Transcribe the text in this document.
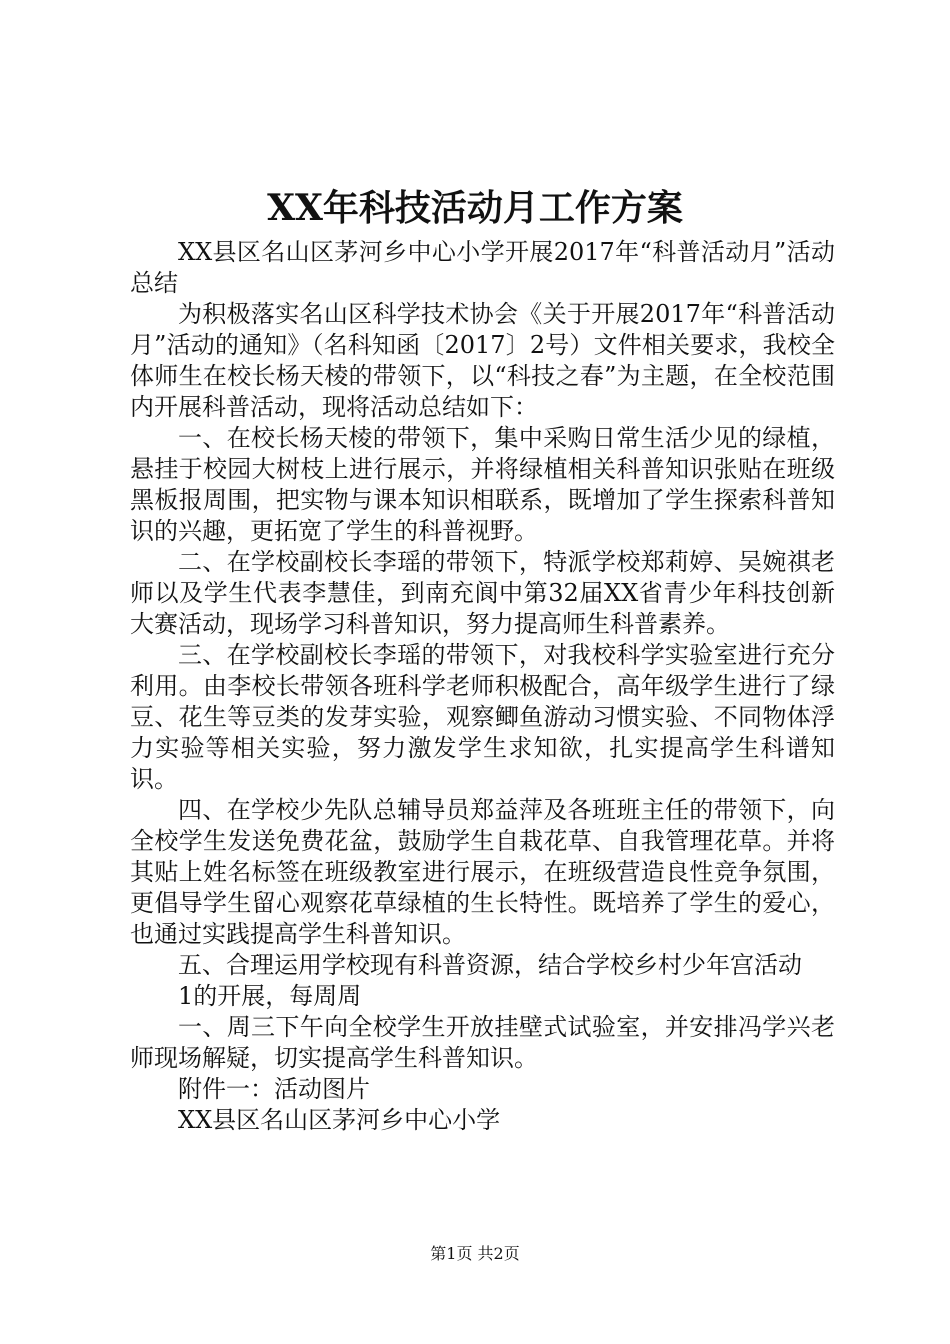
XX年科技活动月工作方案

XX县区名山区茅河乡中心小学开展2017年“科普活动月”活动总结

为积极落实名山区科学技术协会《关于开展2017年“科普活动月”活动的通知》（名科知函〔2017〕2号）文件相关要求，我校全体师生在校长杨天棱的带领下，以“科技之春”为主题，在全校范围内开展科普活动，现将活动总结如下：

一、在校长杨天棱的带领下，集中采购日常生活少见的绿植，悬挂于校园大树枝上进行展示，并将绿植相关科普知识张贴在班级黑板报周围，把实物与课本知识相联系，既增加了学生探索科普知识的兴趣，更拓宽了学生的科普视野。

二、在学校副校长李瑶的带领下，特派学校郑莉婷、吴婉祺老师以及学生代表李慧佳，到南充阆中第32届XX省青少年科技创新大赛活动，现场学习科普知识，努力提高师生科普素养。

三、在学校副校长李瑶的带领下，对我校科学实验室进行充分利用。由李校长带领各班科学老师积极配合，高年级学生进行了绿豆、花生等豆类的发芽实验，观察鲫鱼游动习惯实验、不同物体浮力实验等相关实验，努力激发学生求知欲，扎实提高学生科谱知识。

四、在学校少先队总辅导员郑益萍及各班班主任的带领下，向全校学生发送免费花盆，鼓励学生自栽花草、自我管理花草。并将其贴上姓名标签在班级教室进行展示，在班级营造良性竞争氛围，更倡导学生留心观察花草绿植的生长特性。既培养了学生的爱心，也通过实践提高学生科普知识。

五、合理运用学校现有科普资源，结合学校乡村少年宫活动

1的开展，每周周

一、周三下午向全校学生开放挂壁式试验室，并安排冯学兴老师现场解疑，切实提高学生科普知识。

附件一：活动图片

XX县区名山区茅河乡中心小学

第1页 共2页
